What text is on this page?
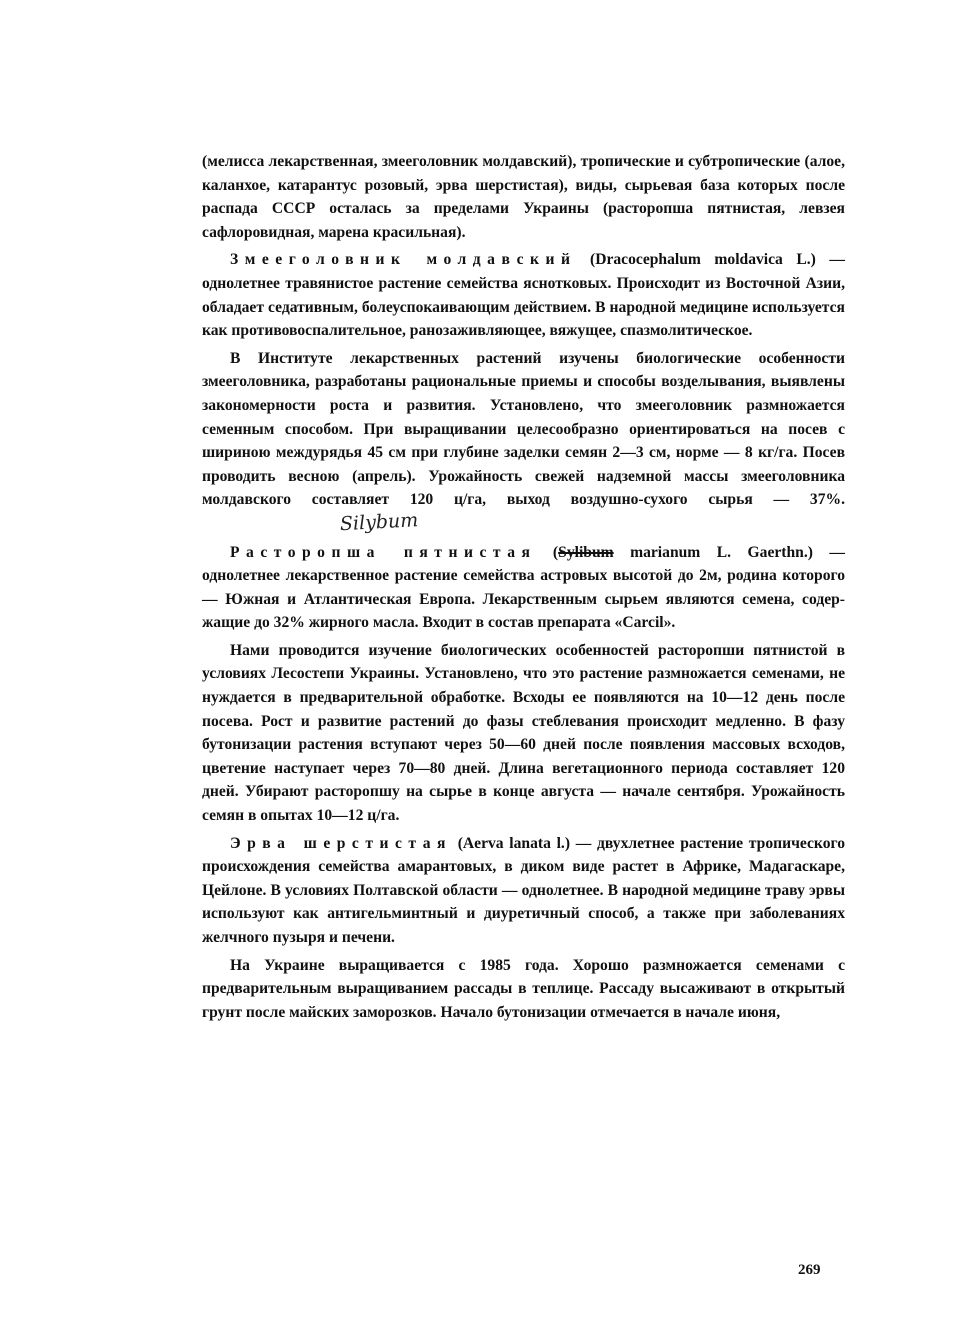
(мелисса лекарственная, змееголовник молдавский), тропические и субтропические (алое, каланхое, катарантус розовый, эрва шерстистая), виды, сырьевая база которых после распада СССР осталась за пределами Украины (расторопша пятнистая, левзея сафлоровидная, марена красильная).

Змееголовник молдавский (Dracocephalum moldavica L.) — однолетнее травянистое растение семейства яснотковых. Происходит из Восточной Азии, обладает седативным, болеуспокаивающим действием. В народной медицине используется как противовоспалительное, ранозаживляющее, вяжущее, спазмолитическое.

В Институте лекарственных растений изучены биологические особенности змееголовника, разработаны рациональные приемы и способы возделывания, выявлены закономерности роста и развития. Установлено, что змееголовник размножается семенным способом. При выращивании целесообразно ориентироваться на посев с шириною междурядья 45 см при глубине заделки семян 2—3 см, норме — 8 кг/га. Посев проводить весною (апрель). Урожайность свежей надземной массы змееголовника молдавского составляет 120 ц/га, выход воздушно-сухого сырья — 37%.Silybum

Расторопша пятнистая (Sylibum marianum L. Gaerthn.) — однолетнее лекарственное растение семейства астровых высотой до 2м, родина которого — Южная и Атлантическая Европа. Лекарственным сырьем являются семена, содержащие до 32% жирного масла. Входит в состав препарата «Carcil».

Нами проводится изучение биологических особенностей расторопши пятнистой в условиях Лесостепи Украины. Установлено, что это растение размножается семенами, не нуждается в предварительной обработке. Всходы ее появляются на 10—12 день после посева. Рост и развитие растений до фазы стеблевания происходит медленно. В фазу бутонизации растения вступают через 50—60 дней после появления массовых всходов, цветение наступает через 70—80 дней. Длина вегетационного периода составляет 120 дней. Убирают расторопшу на сырье в конце августа — начале сентября. Урожайность семян в опытах 10—12 ц/га.

Эрва шерстистая (Aerva lanata l.) — двухлетнее растение тропического происхождения семейства амарантовых, в диком виде растет в Африке, Мадагаскаре, Цейлоне. В условиях Полтавской области — однолетнее. В народной медицине траву эрвы используют как антигельминтный и диуретичный способ, а также при заболеваниях желчного пузыря и печени.

На Украине выращивается с 1985 года. Хорошо размножается семенами с предварительным выращиванием рассады в теплице. Рассаду высаживают в открытый грунт после майских заморозков. Начало бутонизации отмечается в начале июня,

269
